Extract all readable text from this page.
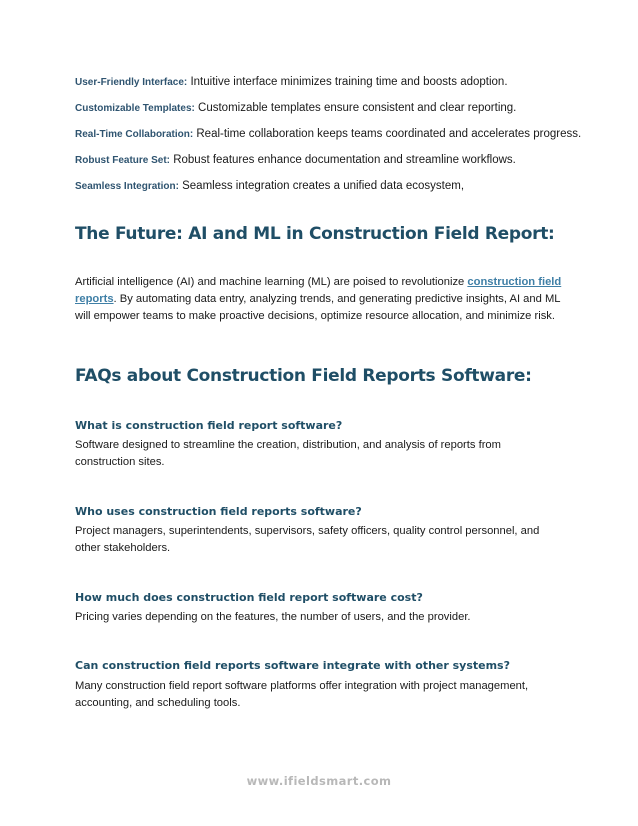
User-Friendly Interface: Intuitive interface minimizes training time and boosts adoption.

Customizable Templates: Customizable templates ensure consistent and clear reporting.

Real-Time Collaboration: Real-time collaboration keeps teams coordinated and accelerates progress.

Robust Feature Set: Robust features enhance documentation and streamline workflows.

Seamless Integration: Seamless integration creates a unified data ecosystem,

The Future: AI and ML in Construction Field Report:

Artificial intelligence (AI) and machine learning (ML) are poised to revolutionize construction field reports. By automating data entry, analyzing trends, and generating predictive insights, AI and ML will empower teams to make proactive decisions, optimize resource allocation, and minimize risk.

FAQs about Construction Field Reports Software:

What is construction field report software?

Software designed to streamline the creation, distribution, and analysis of reports from construction sites.

Who uses construction field reports software?

Project managers, superintendents, supervisors, safety officers, quality control personnel, and other stakeholders.

How much does construction field report software cost?

Pricing varies depending on the features, the number of users, and the provider.

Can construction field reports software integrate with other systems?

Many construction field report software platforms offer integration with project management, accounting, and scheduling tools.

www.ifieldsmart.com
